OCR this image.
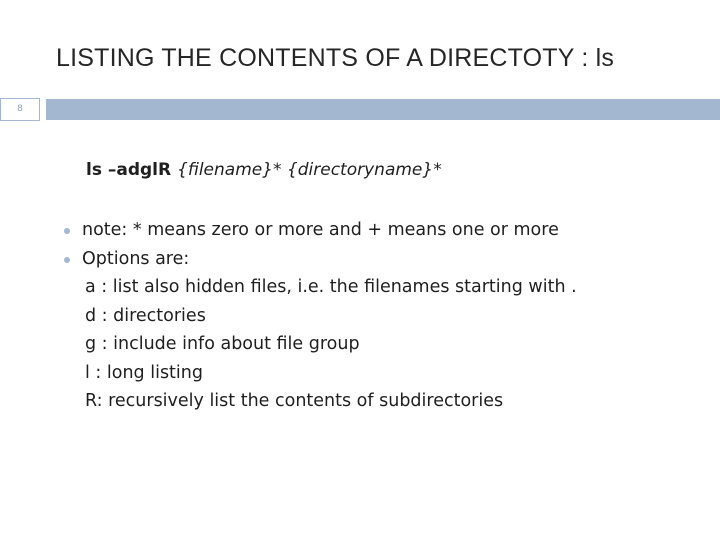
LISTING THE CONTENTS OF A DIRECTOTY : ls
8
ls –adglR {filename}* {directoryname}*
note: * means zero or more and + means one or more
Options are:
a : list also hidden files, i.e. the filenames starting with .
d : directories
g : include info about file group
l : long listing
R: recursively list the contents of subdirectories
